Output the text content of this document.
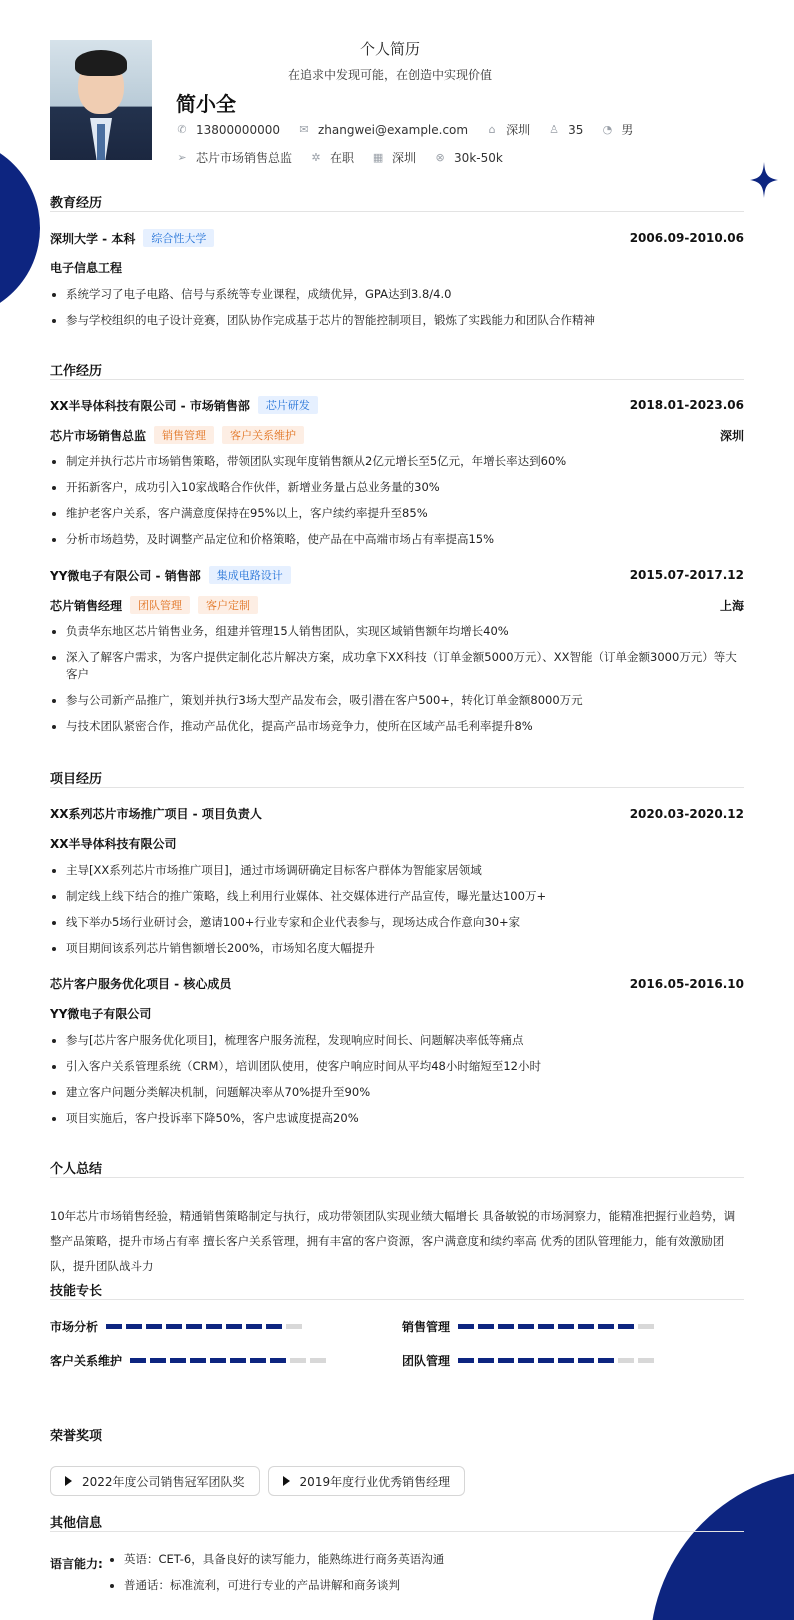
个人简历
在追求中发现可能，在创造中实现价值
简小全
✆ 13800000000 ✉ zhangwei@example.com ⌂ 深圳 ♙ 35 ◔ 男
➢ 芯片市场销售总监 ✲ 在职 ▦ 深圳 ⊗ 30k-50k
教育经历
深圳大学 - 本科	综合性大学	2006.09-2010.06
电子信息工程
系统学习了电子电路、信号与系统等专业课程，成绩优异，GPA达到3.8/4.0
参与学校组织的电子设计竞赛，团队协作完成基于芯片的智能控制项目，锻炼了实践能力和团队合作精神
工作经历
XX半导体科技有限公司 - 市场销售部	芯片研发	2018.01-2023.06
芯片市场销售总监	销售管理	客户关系维护	深圳
制定并执行芯片市场销售策略，带领团队实现年度销售额从2亿元增长至5亿元，年增长率达到60%
开拓新客户，成功引入10家战略合作伙伴，新增业务量占总业务量的30%
维护老客户关系，客户满意度保持在95%以上，客户续约率提升至85%
分析市场趋势，及时调整产品定位和价格策略，使产品在中高端市场占有率提高15%
YY微电子有限公司 - 销售部	集成电路设计	2015.07-2017.12
芯片销售经理	团队管理	客户定制	上海
负责华东地区芯片销售业务，组建并管理15人销售团队，实现区域销售额年均增长40%
深入了解客户需求，为客户提供定制化芯片解决方案，成功拿下XX科技（订单金额5000万元）、XX智能（订单金额3000万元）等大客户
参与公司新产品推广，策划并执行3场大型产品发布会，吸引潜在客户500+，转化订单金额8000万元
与技术团队紧密合作，推动产品优化，提高产品市场竞争力，使所在区域产品毛利率提升8%
项目经历
XX系列芯片市场推广项目 - 项目负责人	2020.03-2020.12
XX半导体科技有限公司
主导[XX系列芯片市场推广项目]，通过市场调研确定目标客户群体为智能家居领域
制定线上线下结合的推广策略，线上利用行业媒体、社交媒体进行产品宣传，曝光量达100万+
线下举办5场行业研讨会，邀请100+行业专家和企业代表参与，现场达成合作意向30+家
项目期间该系列芯片销售额增长200%，市场知名度大幅提升
芯片客户服务优化项目 - 核心成员	2016.05-2016.10
YY微电子有限公司
参与[芯片客户服务优化项目]，梳理客户服务流程，发现响应时间长、问题解决率低等痛点
引入客户关系管理系统（CRM），培训团队使用，使客户响应时间从平均48小时缩短至12小时
建立客户问题分类解决机制，问题解决率从70%提升至90%
项目实施后，客户投诉率下降50%，客户忠诚度提高20%
个人总结
10年芯片市场销售经验，精通销售策略制定与执行，成功带领团队实现业绩大幅增长 具备敏锐的市场洞察力，能精准把握行业趋势，调整产品策略，提升市场占有率 擅长客户关系管理，拥有丰富的客户资源，客户满意度和续约率高 优秀的团队管理能力，能有效激励团队，提升团队战斗力
技能专长
市场分析	销售管理
客户关系维护	团队管理
荣誉奖项
2022年度公司销售冠军团队奖	2019年度行业优秀销售经理
其他信息
语言能力:	英语：CET-6，具备良好的读写能力，能熟练进行商务英语沟通
普通话：标准流利，可进行专业的产品讲解和商务谈判
